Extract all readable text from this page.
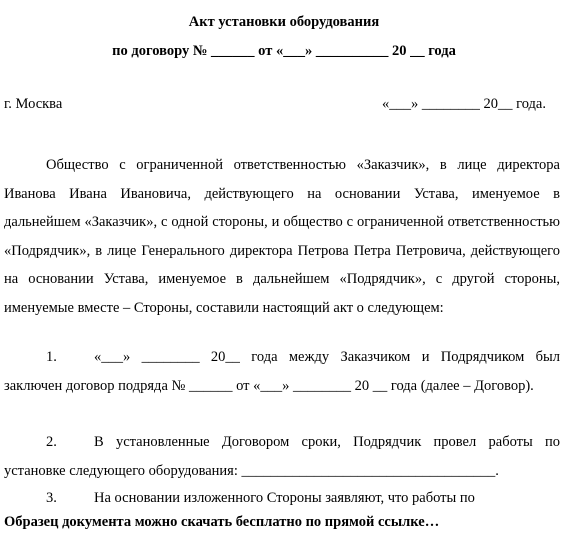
Акт установки оборудования
по договору № ______ от «___» __________ 20 __ года
г. Москва	«___» ________ 20__ года.
Общество с ограниченной ответственностью «Заказчик», в лице директора Иванова Ивана Ивановича, действующего на основании Устава, именуемое в дальнейшем «Заказчик», с одной стороны, и общество с ограниченной ответственностью «Подрядчик», в лице Генерального директора Петрова Петра Петровича, действующего на основании Устава, именуемое в дальнейшем «Подрядчик», с другой стороны, именуемые вместе – Стороны, составили настоящий акт о следующем:
1.	«___» ________ 20__ года между Заказчиком и Подрядчиком был заключен договор подряда № ______ от «___» ________ 20 __ года (далее – Договор).
2.	В установленные Договором сроки, Подрядчик провел работы по установке следующего оборудования: ___________________________________.
3.	На основании изложенного Стороны заявляют, что работы по
Образец документа можно скачать бесплатно по прямой ссылке…
